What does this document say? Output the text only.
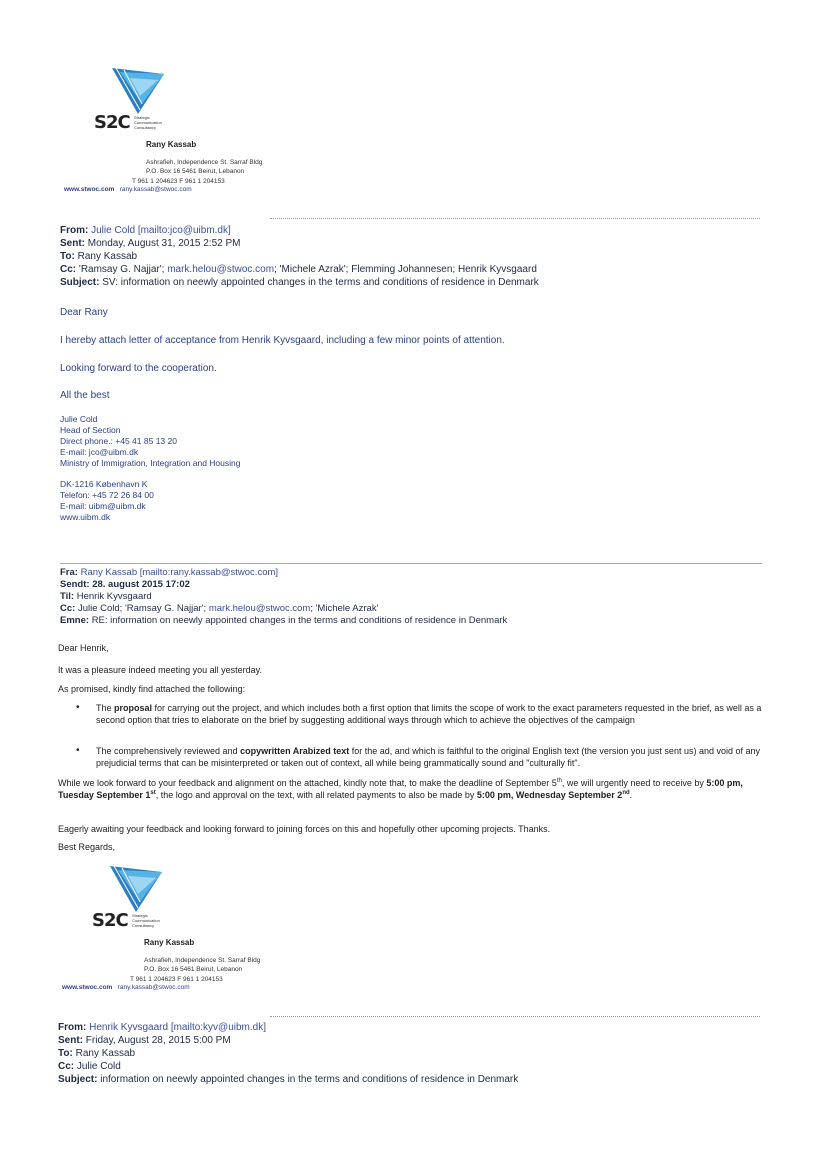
S2C Strategic
Communication
Consultancy
Rany Kassab
Ashrafieh, Independence St. Sarraf Bldg
P.O. Box 16 5461 Beirut, Lebanon
T 961 1 204623 F 961 1 204153
www.stwoc.com rany.kassab@stwoc.com
From: Julie Cold [mailto:jco@uibm.dk]
Sent: Monday, August 31, 2015 2:52 PM
To: Rany Kassab
Cc: 'Ramsay G. Najjar'; mark.helou@stwoc.com; 'Michele Azrak'; Flemming Johannesen; Henrik Kyvsgaard
Subject: SV: information on neewly appointed changes in the terms and conditions of residence in Denmark
Dear Rany
I hereby attach letter of acceptance from Henrik Kyvsgaard, including a few minor points of attention.
Looking forward to the cooperation.
All the best
Julie Cold
Head of Section
Direct phone.: +45 41 85 13 20
E-mail: jco@uibm.dk
Ministry of Immigration, Integration and Housing
DK-1216 København K
Telefon: +45 72 26 84 00
E-mail: uibm@uibm.dk
www.uibm.dk
Fra: Rany Kassab [mailto:rany.kassab@stwoc.com]
Sendt: 28. august 2015 17:02
Til: Henrik Kyvsgaard
Cc: Julie Cold; 'Ramsay G. Najjar'; mark.helou@stwoc.com; 'Michele Azrak'
Emne: RE: information on neewly appointed changes in the terms and conditions of residence in Denmark
Dear Henrik,
It was a pleasure indeed meeting you all yesterday.
As promised, kindly find attached the following:
• The proposal for carrying out the project, and which includes both a first option that limits the scope of work to the exact parameters requested in the brief, as well as a second option that tries to elaborate on the brief by suggesting additional ways through which to achieve the objectives of the campaign
• The comprehensively reviewed and copywritten Arabized text for the ad, and which is faithful to the original English text (the version you just sent us) and void of any prejudicial terms that can be misinterpreted or taken out of context, all while being grammatically sound and "culturally fit".
While we look forward to your feedback and alignment on the attached, kindly note that, to make the deadline of September 5th, we will urgently need to receive by 5:00 pm, Tuesday September 1st, the logo and approval on the text, with all related payments to also be made by 5:00 pm, Wednesday September 2nd.
Eagerly awaiting your feedback and looking forward to joining forces on this and hopefully other upcoming projects. Thanks.
Best Regards,
S2C Strategic
Communication
Consultancy
Rany Kassab
Ashrafieh, Independence St. Sarraf Bldg
P.O. Box 16 5461 Beirut, Lebanon
T 961 1 204623 F 961 1 204153
www.stwoc.com rany.kassab@stwoc.com
From: Henrik Kyvsgaard [mailto:kyv@uibm.dk]
Sent: Friday, August 28, 2015 5:00 PM
To: Rany Kassab
Cc: Julie Cold
Subject: information on neewly appointed changes in the terms and conditions of residence in Denmark
